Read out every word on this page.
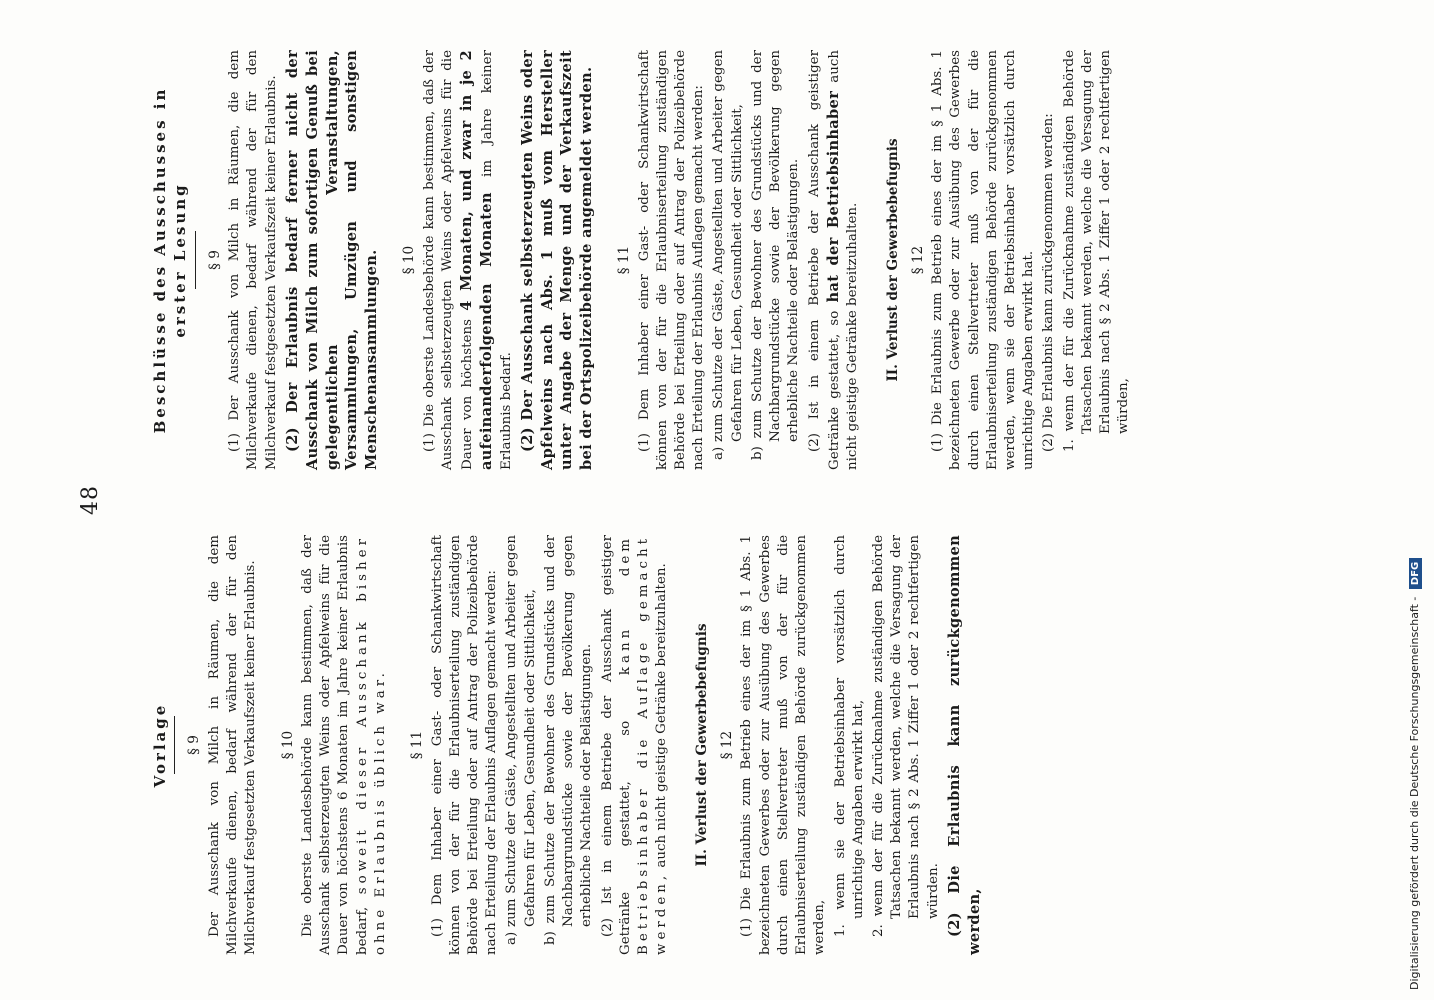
48
Vorlage § 9 Der Ausschank von Milch in Räumen, die dem Milchverkaufe dienen, bedarf während der für den Milchverkauf festgesetzten Verkaufszeit keiner Erlaubnis. § 10 Die oberste Landesbehörde kann bestimmen, daß der Ausschank selbsterzeugten Weins oder Apfelweins für die Dauer von höchstens 6 Monaten im Jahre keiner Erlaubnis bedarf, soweit dieser Ausschank bisher ohne Erlaubnis üblich war. § 11 (1) Dem Inhaber einer Gast- oder Schankwirtschaft können von der für die Erlaubniserteilung zuständigen Behörde bei Erteilung oder auf Antrag der Polizeibehörde nach Erteilung der Erlaubnis Auflagen gemacht werden: a) zum Schutze der Gäste, Angestellten und Arbeiter gegen Gefahren für Leben, Gesundheit oder Sittlichkeit, b) zum Schutze der Bewohner des Grundstücks und der Nachbargrundstücke sowie der Bevölkerung gegen erhebliche Nachteile oder Belästigungen. (2) Ist in einem Betriebe der Ausschank geistiger Getränke gestattet, so kann dem Betriebsinhaber die Auflage gemacht werden, auch nicht geistige Getränke bereitzuhalten. II. Verlust der Gewerbebefugnis § 12 (1) Die Erlaubnis zum Betrieb eines der im § 1 Abs. 1 bezeichneten Gewerbes oder zur Ausübung des Gewerbes durch einen Stellvertreter muß von der für die Erlaubniserteilung zuständigen Behörde zurückgenommen werden, 1. wenn sie der Betriebsinhaber vorsätzlich durch unrichtige Angaben erwirkt hat, 2. wenn der für die Zurücknahme zuständigen Behörde Tatsachen bekannt werden, welche die Versagung der Erlaubnis nach § 2 Abs. 1 Ziffer 1 oder 2 rechtfertigen würden. (2) Die Erlaubnis kann zurückgenommen werden,

Beschlüsse des Ausschusses in erster Lesung § 9 (1) Der Ausschank von Milch in Räumen, die dem Milchverkaufe dienen, bedarf während der für den Milchverkauf festgesetzten Verkaufszeit keiner Erlaubnis. (2) Der Erlaubnis bedarf ferner nicht der Ausschank von Milch zum sofortigen Genuß bei gelegentlichen Veranstaltungen, Versammlungen, Umzügen und sonstigen Menschenansammlungen. § 10 (1) Die oberste Landesbehörde kann bestimmen, daß der Ausschank selbsterzeugten Weins oder Apfelweins für die Dauer von höchstens 4 Monaten, und zwar in je 2 aufeinanderfolgenden Monaten im Jahre keiner Erlaubnis bedarf. (2) Der Ausschank selbsterzeugten Weins oder Apfelweins nach Abs. 1 muß vom Hersteller unter Angabe der Menge und der Verkaufszeit bei der Ortspolizeibehörde angemeldet werden. § 11 (1) Dem Inhaber einer Gast- oder Schankwirtschaft können von der für die Erlaubniserteilung zuständigen Behörde bei Erteilung oder auf Antrag der Polizeibehörde nach Erteilung der Erlaubnis Auflagen gemacht werden: a) zum Schutze der Gäste, Angestellten und Arbeiter gegen Gefahren für Leben, Gesundheit oder Sittlichkeit, b) zum Schutze der Bewohner des Grundstücks und der Nachbargrundstücke sowie der Bevölkerung gegen erhebliche Nachteile oder Belästigungen. (2) Ist in einem Betriebe der Ausschank geistiger Getränke gestattet, so hat der Betriebsinhaber auch nicht geistige Getränke bereitzuhalten. II. Verlust der Gewerbebefugnis § 12 (1) Die Erlaubnis zum Betrieb eines der im § 1 Abs. 1 bezeichneten Gewerbe oder zur Ausübung des Gewerbes durch einen Stellvertreter muß von der für die Erlaubniserteilung zuständigen Behörde zurückgenommen werden, wenn sie der Betriebsinhaber vorsätzlich durch unrichtige Angaben erwirkt hat. (2) Die Erlaubnis kann zurückgenommen werden: 1. wenn der für die Zurücknahme zuständigen Behörde Tatsachen bekannt werden, welche die Versagung der Erlaubnis nach § 2 Abs. 1 Ziffer 1 oder 2 rechtfertigen würden,
Digitalisierung gefördert durch die Deutsche Forschungsgemeinschaft - DFG
